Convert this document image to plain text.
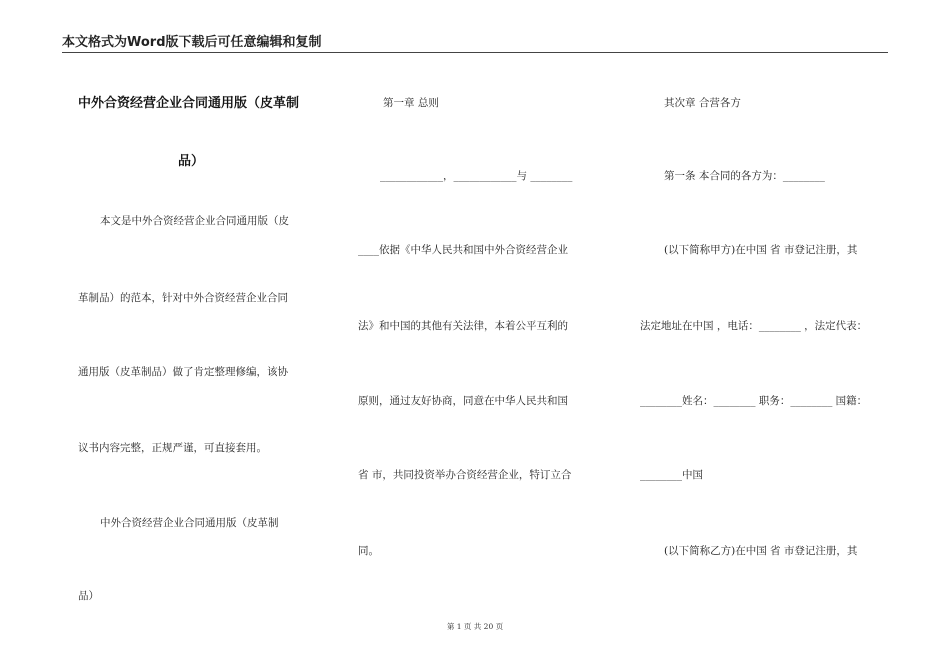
本文格式为Word版下载后可任意编辑和复制
中外合资经营企业合同通用版（皮革制
品）
本文是中外合资经营企业合同通用版（皮
革制品）的范本，针对中外合资经营企业合同
通用版（皮革制品）做了肯定整理修编，该协
议书内容完整，正规严谨，可直接套用。
中外合资经营企业合同通用版（皮革制
品）
第一章 总则
____________，____________与 ________
____依据《中华人民共和国中外合资经营企业
法》和中国的其他有关法律，本着公平互利的
原则，通过友好协商，同意在中华人民共和国
省 市，共同投资举办合资经营企业，特订立合
同。
其次章 合营各方
第一条 本合同的各方为：________
(以下简称甲方)在中国 省 市登记注册，其
法定地址在中国 ，电话：________ ，法定代表：
________姓名：________ 职务：________ 国籍：
________中国
(以下简称乙方)在中国 省 市登记注册，其
第 1 页 共 20 页
